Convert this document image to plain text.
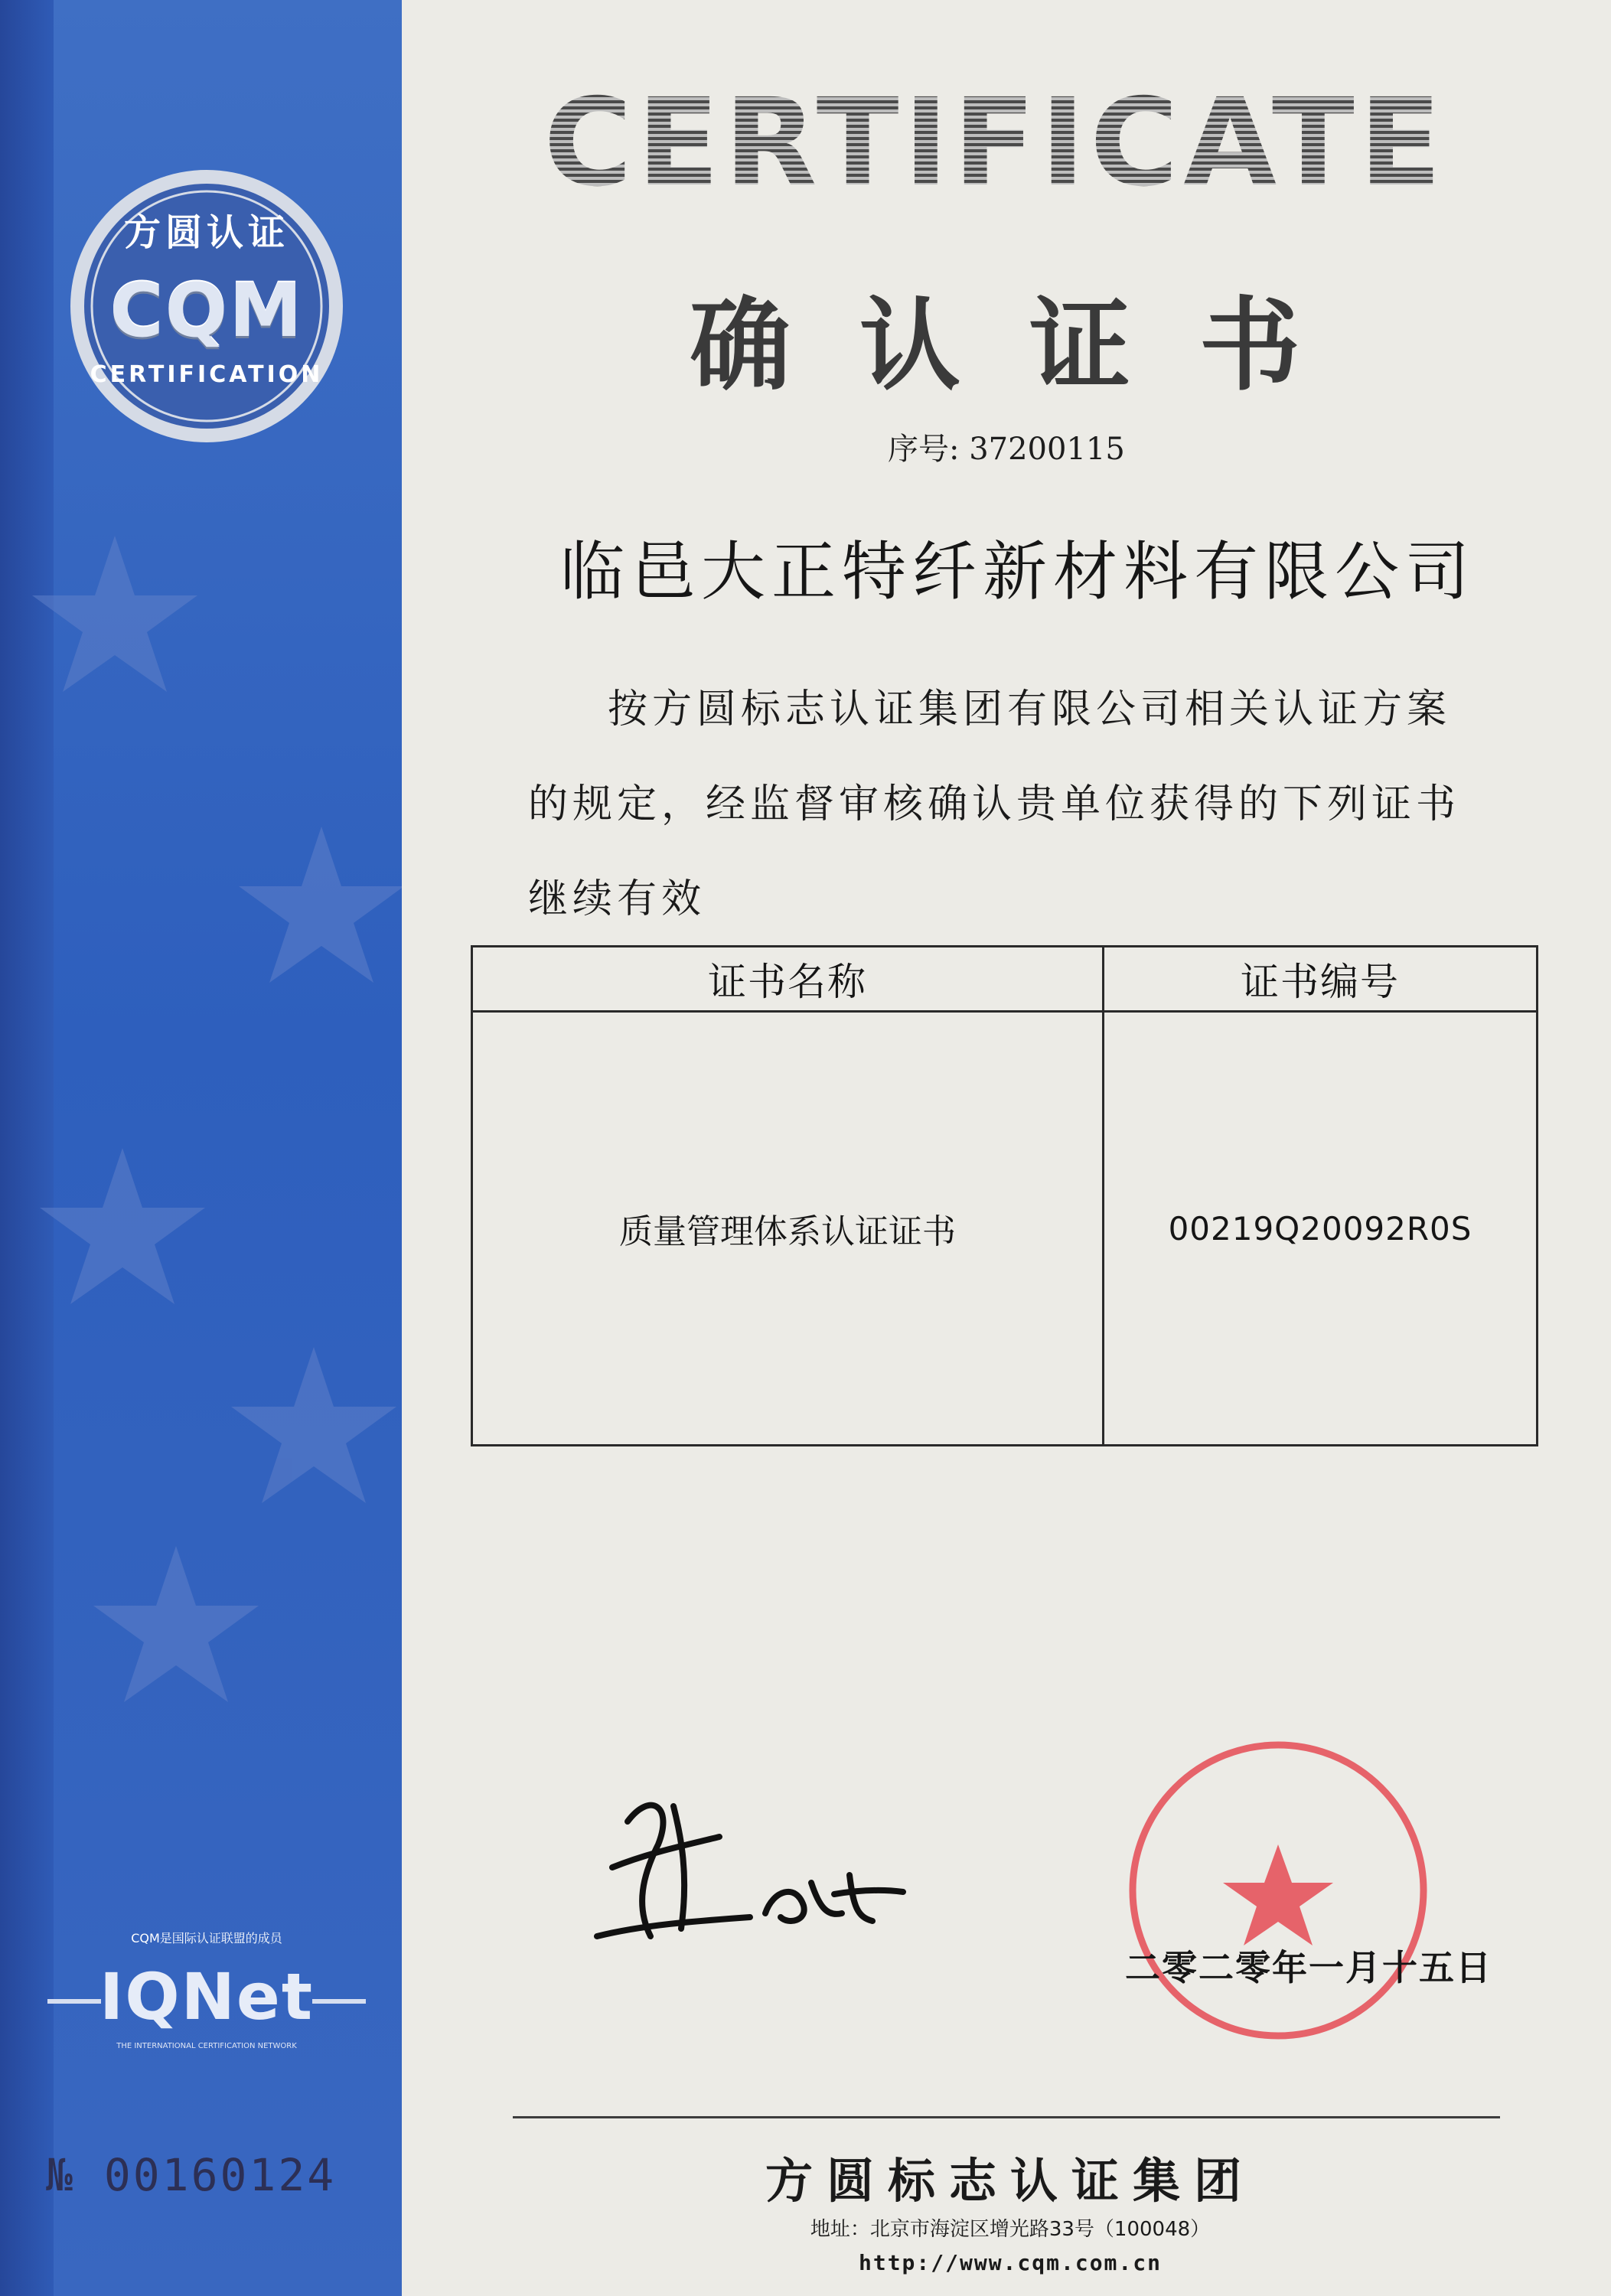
方圆认证
CQM
CERTIFICATION
CQM是国际认证联盟的成员
IQNet
THE INTERNATIONAL CERTIFICATION NETWORK
№ 00160124
CERTIFICATE
确认证书
序号: 37200115
临邑大正特纤新材料有限公司
按方圆标志认证集团有限公司相关认证方案的规定，经监督审核确认贵单位获得的下列证书继续有效
证书名称	证书编号
质量管理体系认证证书	00219Q20092R0S
二零二零年一月十五日
方圆标志认证集团
地址：北京市海淀区增光路33号（100048）
http://www.cqm.com.cn
